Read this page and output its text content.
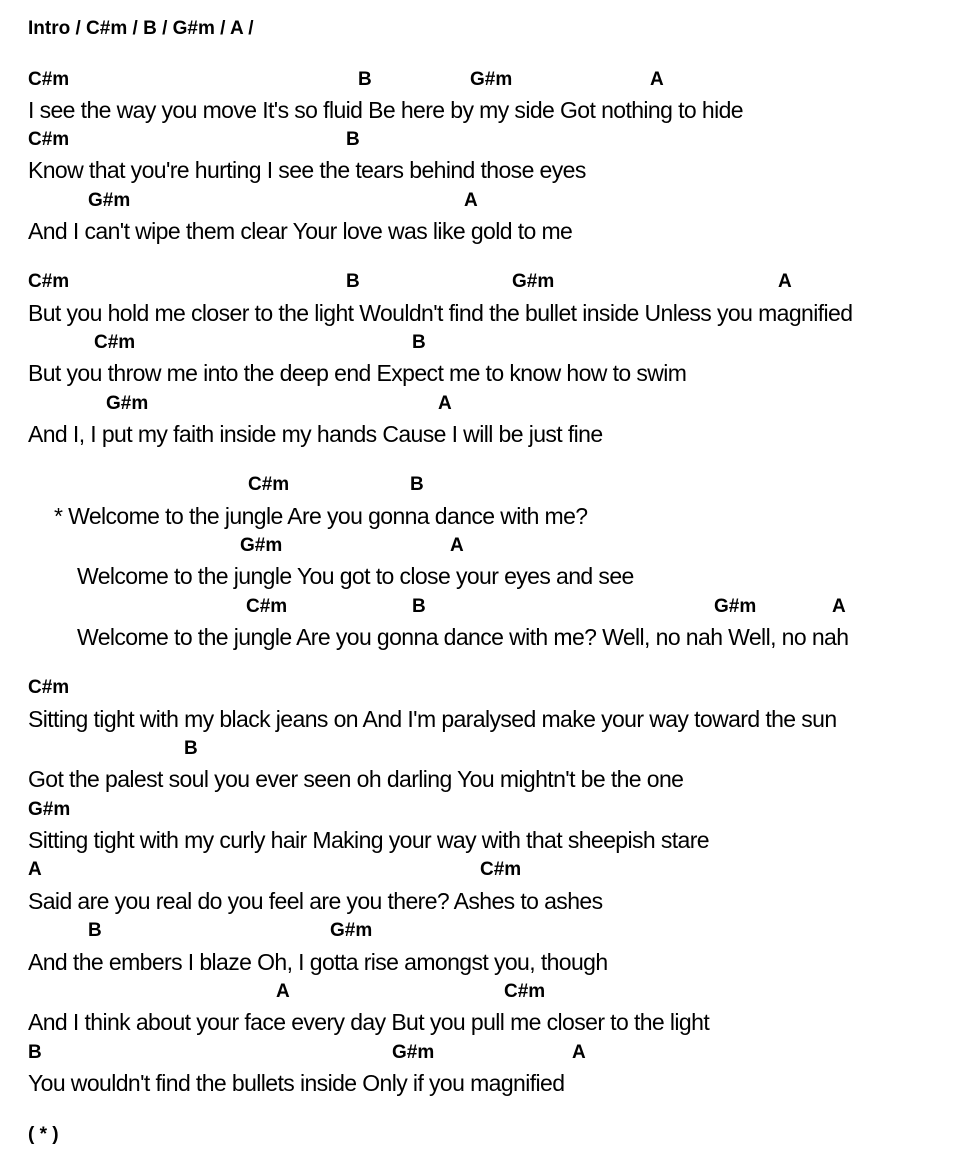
Intro / C#m / B / G#m / A /
C#m	B	G#m	A
I see the way you move It's so fluid Be here by my side Got nothing to hide
C#m	B
Know that you're hurting I see the tears behind those eyes
G#m	A
And I can't wipe them clear Your love was like gold to me
C#m	B	G#m	A
But you hold me closer to the light Wouldn't find the bullet inside Unless you magnified
C#m	B
But you throw me into the deep end Expect me to know how to swim
G#m	A
And I, I put my faith inside my hands Cause I will be just fine
C#m	B
* Welcome to the jungle Are you gonna dance with me?
G#m	A
Welcome to the jungle You got to close your eyes and see
C#m	B	G#m	A
Welcome to the jungle Are you gonna dance with me? Well, no nah Well, no nah
C#m
Sitting tight with my black jeans on And I'm paralysed make your way toward the sun
B
Got the palest soul you ever seen oh darling You mightn't be the one
G#m
Sitting tight with my curly hair Making your way with that sheepish stare
A	C#m
Said are you real do you feel are you there? Ashes to ashes
B	G#m
And the embers I blaze Oh, I gotta rise amongst you, though
A	C#m
And I think about your face every day But you pull me closer to the light
B	G#m	A
You wouldn't find the bullets inside Only if you magnified
( * )
